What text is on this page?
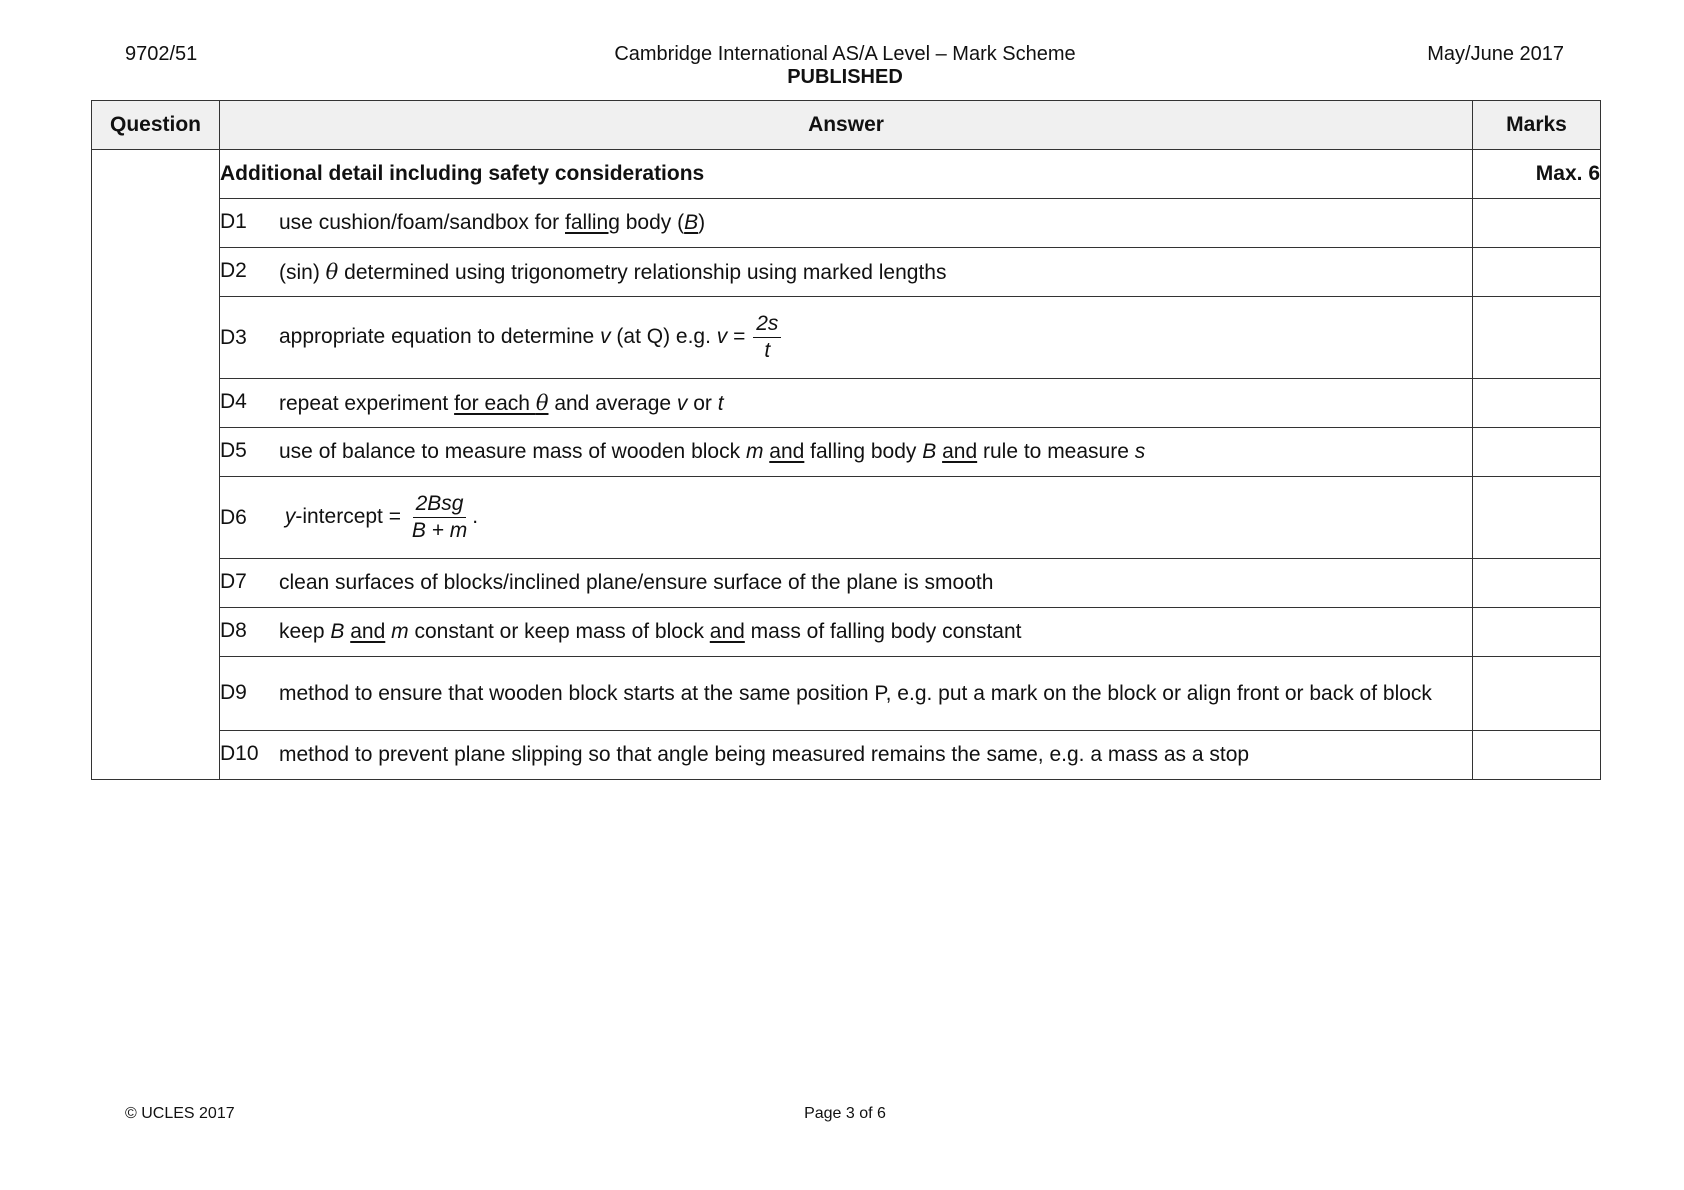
9702/51	Cambridge International AS/A Level – Mark Scheme
PUBLISHED
May/June 2017
Question	Answer	Marks
	Additional detail including safety considerations	Max. 6

	D1 use cushion/foam/sandbox for falling body (B)	

	D2 (sin) θ determined using trigonometry relationship using marked lengths	

	D3 appropriate equation to determine v (at Q) e.g. $v = \frac{2s}{t}$

	D4 repeat experiment for each θ and average v or t	

	D5 use of balance to measure mass of wooden block m and falling body B and rule to measure s	

	D6 y-intercept = $\frac{\text{2Bsg}}{B + m}$ .	

	D7 clean surfaces of blocks/inclined plane/ensure surface of the plane is smooth	

	D8 keep B and m constant or keep mass of block and mass of falling body constant	

	D9 method to ensure that wooden block starts at the same position P, e.g. put a mark on the block or align front or back of block	

	D10 method to prevent plane slipping so that angle being measured remains the same, e.g. a mass as a stop	

© UCLES 2017	Page 3 of 6
